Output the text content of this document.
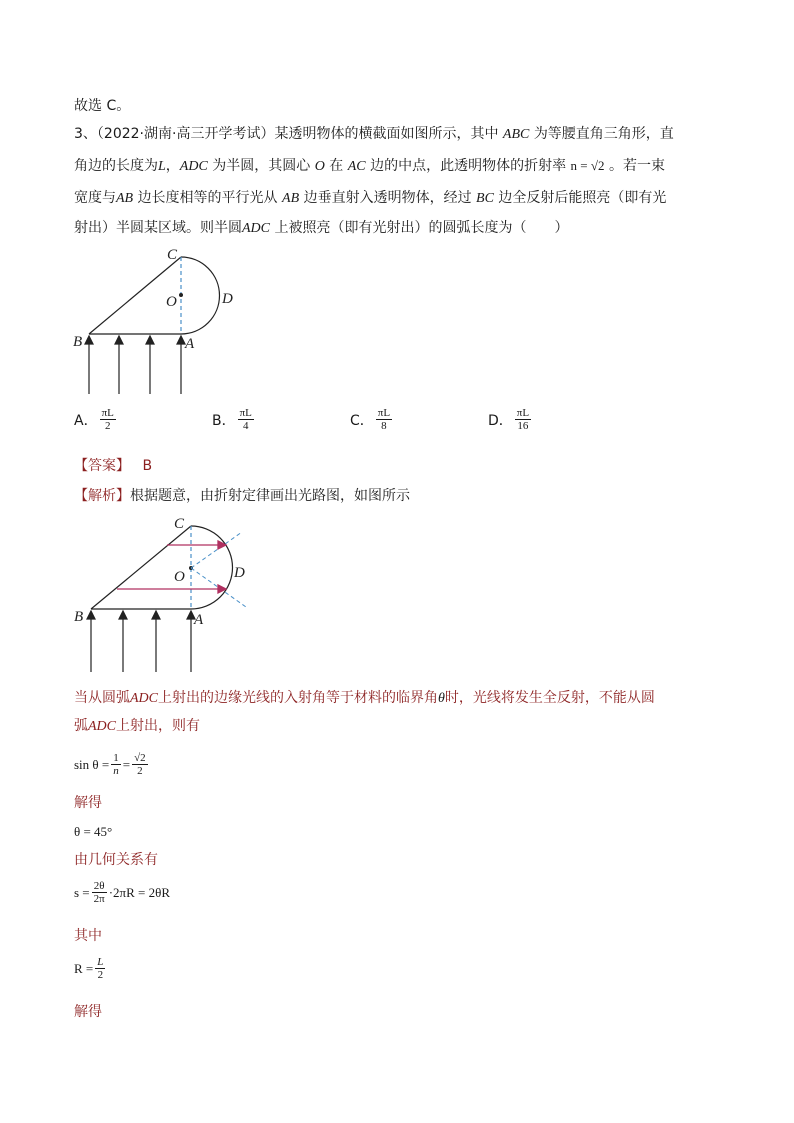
故选 C。
3、（2022·湖南·高三开学考试）某透明物体的横截面如图所示，其中 ABC 为等腰直角三角形，直
角边的长度为L，ADC 为半圆，其圆心 O 在 AC 边的中点，此透明物体的折射率 n = √2 。若一束
宽度与AB 边长度相等的平行光从 AB 边垂直射入透明物体，经过 BC 边全反射后能照亮（即有光
射出）半圆某区域。则半圆ADC 上被照亮（即有光射出）的圆弧长度为（　　）
C
O	D
B	A
A． $\frac{\pi L}{2}$	B． $\frac{\pi L}{4}$	C． $\frac{\pi L}{8}$	D． $\frac{\pi L}{16}$
【答案】 B
【解析】根据题意，由折射定律画出光路图，如图所示
C
O	D
B	A
当从圆弧ADC上射出的边缘光线的入射角等于材料的临界角θ时，光线将发生全反射，不能从圆
弧ADC上射出，则有
$\sin \theta = \frac{1}{n} = \frac{√2}{2}$
解得
θ = 45°
由几何关系有
$s = \frac{2\theta}{2\pi} \cdot 2\pi R = 2\theta R$
其中
$R = \frac{L}{2}$
解得
